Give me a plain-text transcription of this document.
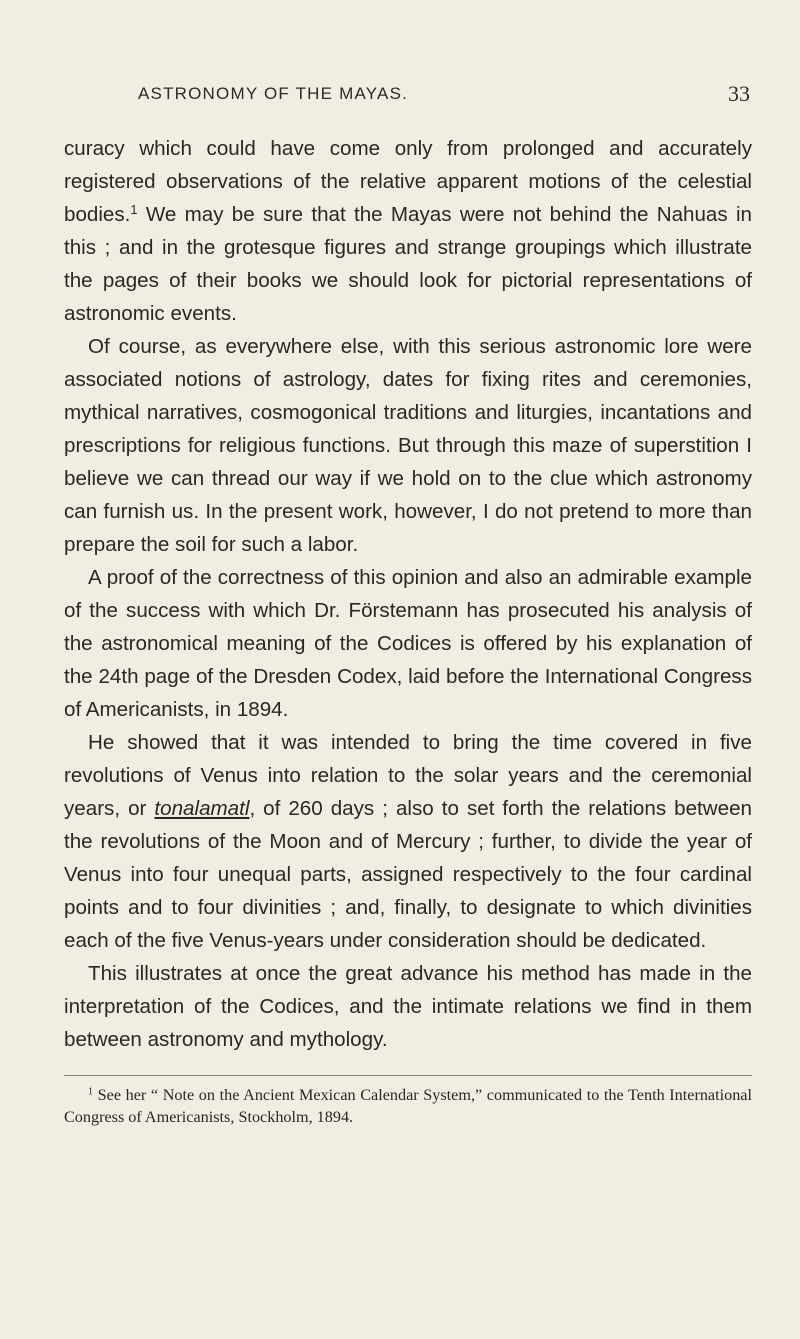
ASTRONOMY OF THE MAYAS.	33

curacy which could have come only from prolonged and accurately registered observations of the relative apparent motions of the celestial bodies.$^1$ We may be sure that the Mayas were not behind the Nahuas in this ; and in the grotesque figures and strange groupings which illustrate the pages of their books we should look for pictorial representations of astronomic events.

Of course, as everywhere else, with this serious astronomic lore were associated notions of astrology, dates for fixing rites and ceremonies, mythical narratives, cosmogonical traditions and liturgies, incantations and prescriptions for religious functions. But through this maze of superstition I believe we can thread our way if we hold on to the clue which astronomy can furnish us. In the present work, however, I do not pretend to more than prepare the soil for such a labor.

A proof of the correctness of this opinion and also an admirable example of the success with which Dr. Förstemann has prosecuted his analysis of the astronomical meaning of the Codices is offered by his explanation of the 24th page of the Dresden Codex, laid before the International Congress of Americanists, in 1894.

He showed that it was intended to bring the time covered in five revolutions of Venus into relation to the solar years and the ceremonial years, or tonalamatl, of 260 days ; also to set forth the relations between the revolutions of the Moon and of Mercury ; further, to divide the year of Venus into four unequal parts, assigned respectively to the four cardinal points and to four divinities ; and, finally, to designate to which divinities each of the five Venus-years under consideration should be dedicated.

This illustrates at once the great advance his method has made in the interpretation of the Codices, and the intimate relations we find in them between astronomy and mythology.

$^1$ See her “ Note on the Ancient Mexican Calendar System,” communicated to the Tenth International Congress of Americanists, Stockholm, 1894.
